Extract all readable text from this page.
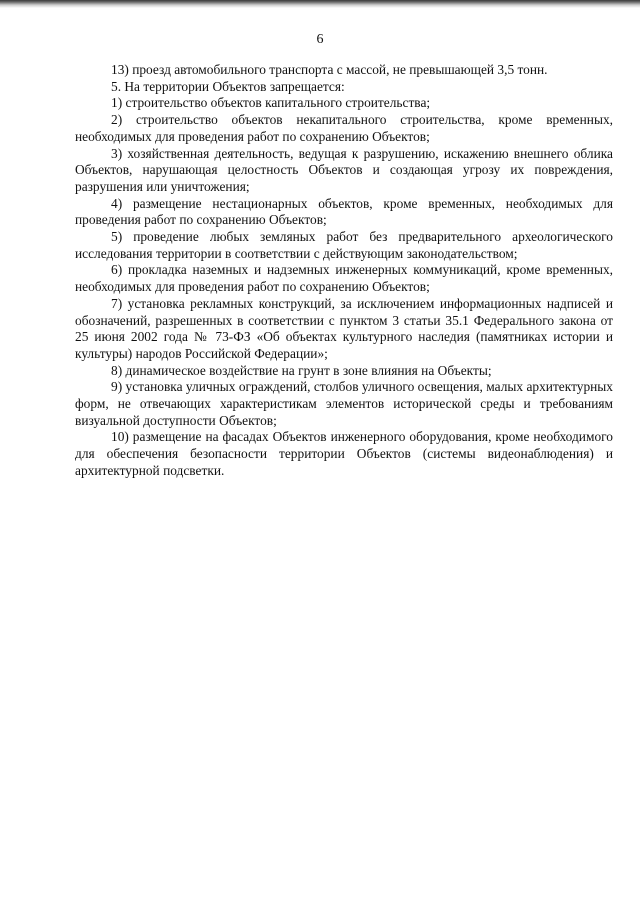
6

13) проезд автомобильного транспорта с массой, не превышающей 3,5 тонн.

5. На территории Объектов запрещается:

1) строительство объектов капитального строительства;

2) строительство объектов некапитального строительства, кроме временных, необходимых для проведения работ по сохранению Объектов;

3) хозяйственная деятельность, ведущая к разрушению, искажению внешнего облика Объектов, нарушающая целостность Объектов и создающая угрозу их повреждения, разрушения или уничтожения;

4) размещение нестационарных объектов, кроме временных, необходимых для проведения работ по сохранению Объектов;

5) проведение любых земляных работ без предварительного археологического исследования территории в соответствии с действующим законодательством;

6) прокладка наземных и надземных инженерных коммуникаций, кроме временных, необходимых для проведения работ по сохранению Объектов;

7) установка рекламных конструкций, за исключением информационных надписей и обозначений, разрешенных в соответствии с пунктом 3 статьи 35.1 Федерального закона от 25 июня 2002 года № 73-ФЗ «Об объектах культурного наследия (памятниках истории и культуры) народов Российской Федерации»;

8) динамическое воздействие на грунт в зоне влияния на Объекты;

9) установка уличных ограждений, столбов уличного освещения, малых архитектурных форм, не отвечающих характеристикам элементов исторической среды и требованиям визуальной доступности Объектов;

10) размещение на фасадах Объектов инженерного оборудования, кроме необходимого для обеспечения безопасности территории Объектов (системы видеонаблюдения) и архитектурной подсветки.
